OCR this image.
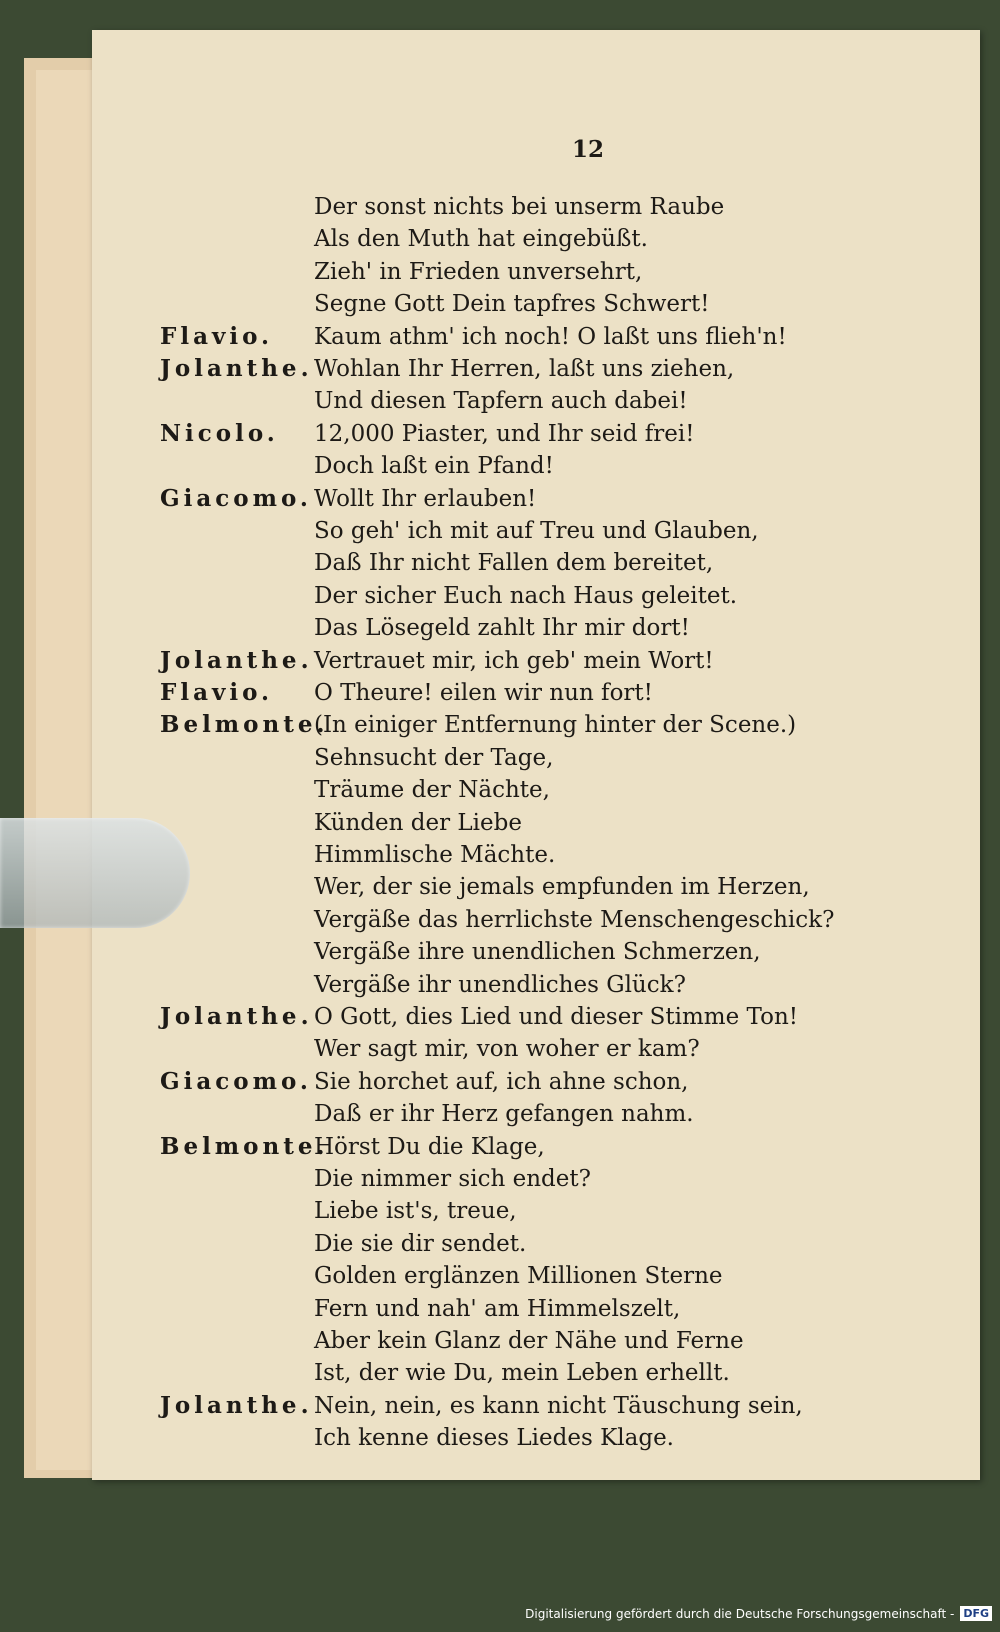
12
Der sonst nichts bei unserm Raube
Als den Muth hat eingebüßt.
Zieh' in Frieden unversehrt,
Segne Gott Dein tapfres Schwert!
Flavio. Kaum athm' ich noch! O laßt uns flieh'n!
Jolanthe. Wohlan Ihr Herren, laßt uns ziehen,
Und diesen Tapfern auch dabei!
Nicolo. 12,000 Piaster, und Ihr seid frei!
Doch laßt ein Pfand!
Giacomo. Wollt Ihr erlauben!
So geh' ich mit auf Treu und Glauben,
Daß Ihr nicht Fallen dem bereitet,
Der sicher Euch nach Haus geleitet.
Das Lösegeld zahlt Ihr mir dort!
Jolanthe. Vertrauet mir, ich geb' mein Wort!
Flavio. O Theure! eilen wir nun fort!
Belmonte.
(In einiger Entfernung hinter der Scene.)
Sehnsucht der Tage,
Träume der Nächte,
Künden der Liebe
Himmlische Mächte.
Wer, der sie jemals empfunden im Herzen,
Vergäße das herrlichste Menschengeschick?
Vergäße ihre unendlichen Schmerzen,
Vergäße ihr unendliches Glück?
Jolanthe. O Gott, dies Lied und dieser Stimme Ton!
Wer sagt mir, von woher er kam?
Giacomo. Sie horchet auf, ich ahne schon,
Daß er ihr Herz gefangen nahm.
Belmonte.
Hörst Du die Klage,
Die nimmer sich endet?
Liebe ist's, treue,
Die sie dir sendet.
Golden erglänzen Millionen Sterne
Fern und nah' am Himmelszelt,
Aber kein Glanz der Nähe und Ferne
Ist, der wie Du, mein Leben erhellt.
Jolanthe. Nein, nein, es kann nicht Täuschung sein,
Ich kenne dieses Liedes Klage.
Digitalisierung gefördert durch die Deutsche Forschungsgemeinschaft - DFG
